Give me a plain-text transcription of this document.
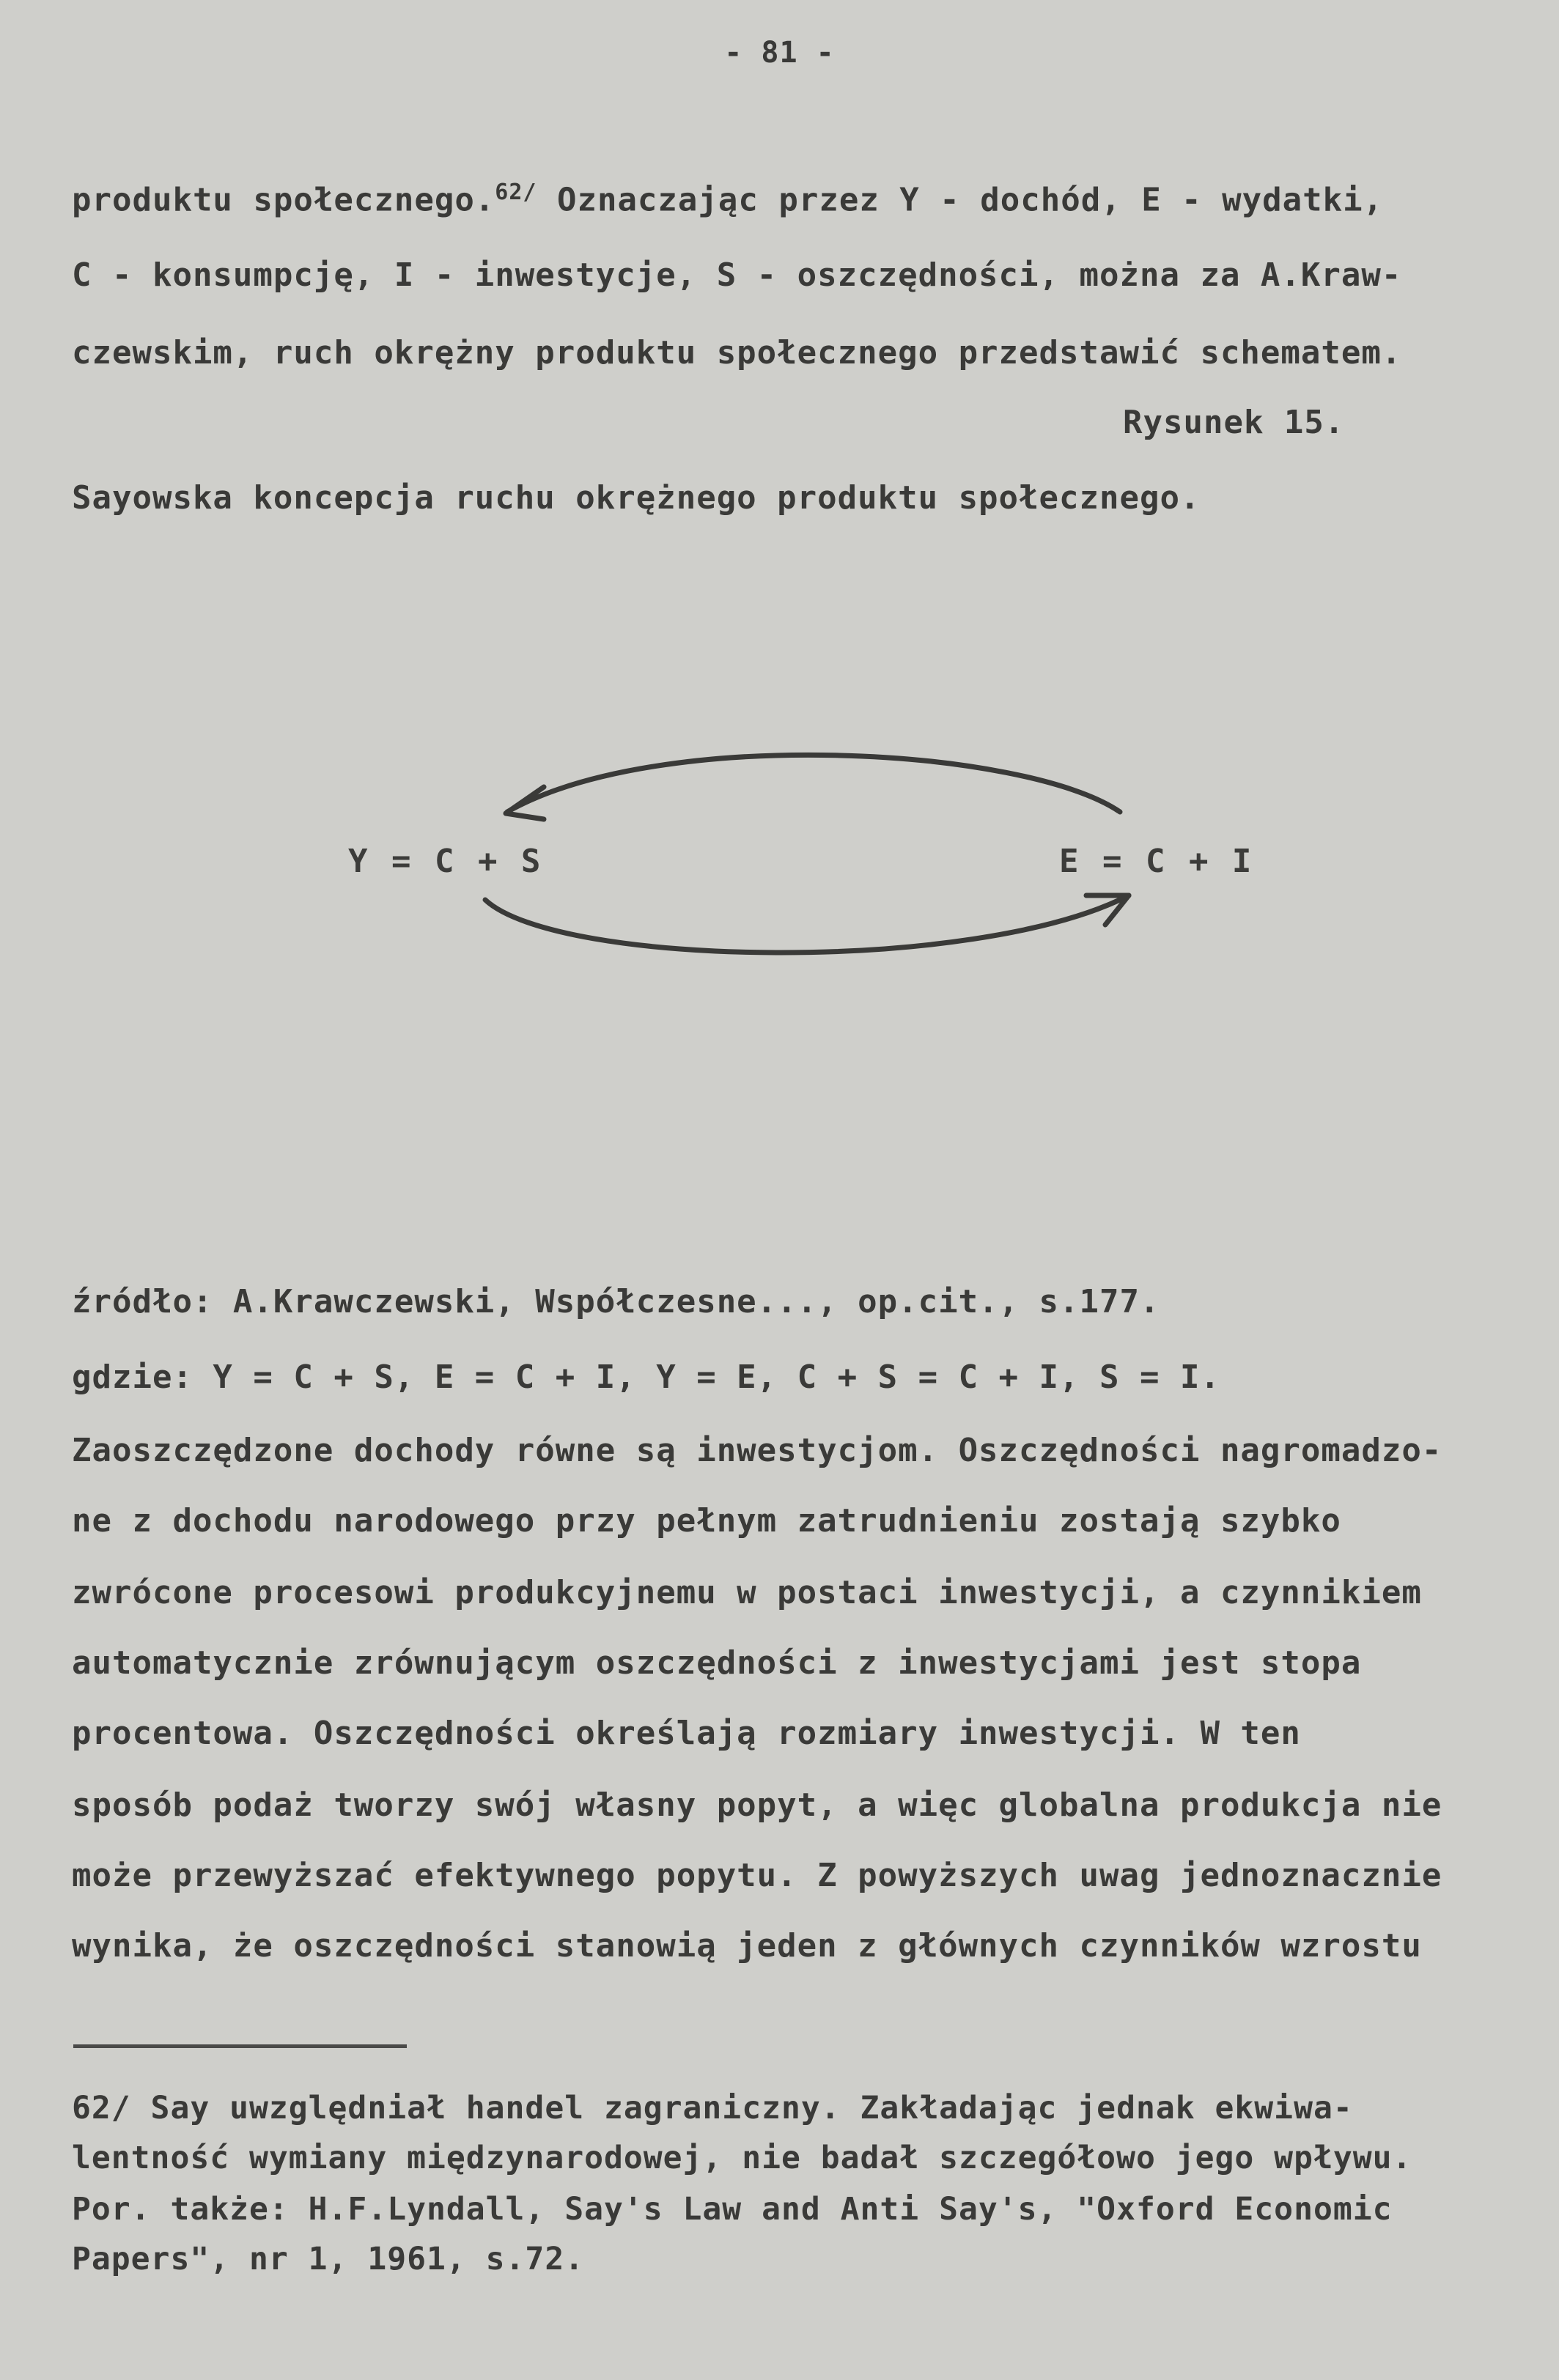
- 81 -
produktu społecznego.$^{62/}$ Oznaczając przez Y - dochód, E - wydatki,
C - konsumpcję, I - inwestycje, S - oszczędności, można za A.Kraw-
czewskim, ruch okrężny produktu społecznego przedstawić schematem.
Rysunek 15.
Sayowska koncepcja ruchu okrężnego produktu społecznego.
Y = C + S	E = C + I
źródło: A.Krawczewski, Współczesne..., op.cit., s.177.
gdzie: Y = C + S, E = C + I, Y = E, C + S = C + I, S = I.
Zaoszczędzone dochody równe są inwestycjom. Oszczędności nagromadzo-
ne z dochodu narodowego przy pełnym zatrudnieniu zostają szybko
zwrócone procesowi produkcyjnemu w postaci inwestycji, a czynnikiem
automatycznie zrównującym oszczędności z inwestycjami jest stopa
procentowa. Oszczędności określają rozmiary inwestycji. W ten
sposób podaż tworzy swój własny popyt, a więc globalna produkcja nie
może przewyższać efektywnego popytu. Z powyższych uwag jednoznacznie
wynika, że oszczędności stanowią jeden z głównych czynników wzrostu
62/ Say uwzględniał handel zagraniczny. Zakładając jednak ekwiwa-
lentność wymiany międzynarodowej, nie badał szczegółowo jego wpływu.
Por. także: H.F.Lyndall, Say's Law and Anti Say's, "Oxford Economic
Papers", nr 1, 1961, s.72.
